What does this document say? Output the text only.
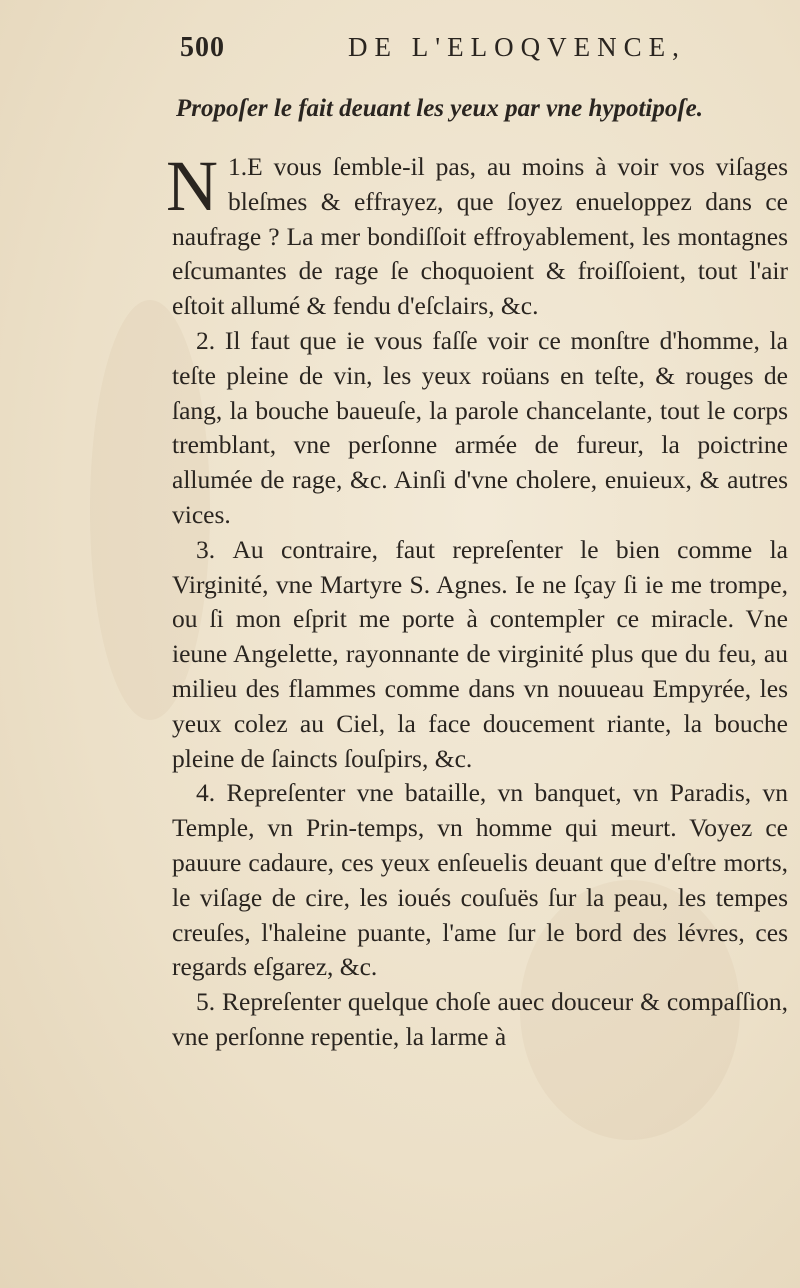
500	DE L'ELOQVENCE,
Propoſer le fait deuant les yeux par vne hypotipoſe.

1.
N E vous ſemble-il pas, au moins à voir vos viſages bleſmes & effrayez, que ſoyez enueloppez dans ce naufrage ? La mer bondiſſoit effroyablement, les montagnes eſcumantes de rage ſe choquoient & froiſſoient, tout l'air eſtoit allumé & fendu d'eſclairs, &c.

2. Il faut que ie vous faſſe voir ce monſtre d'homme, la teſte pleine de vin, les yeux roüans en teſte, & rouges de ſang, la bouche baueuſe, la parole chancelante, tout le corps tremblant, vne perſonne armée de fureur, la poictrine allumée de rage, &c. Ainſi d'vne cholere, enuieux, & autres vices.

3. Au contraire, faut repreſenter le bien comme la Virginité, vne Martyre S. Agnes. Ie ne ſçay ſi ie me trompe, ou ſi mon eſprit me porte à contempler ce miracle. Vne ieune Angelette, rayonnante de virginité plus que du feu, au milieu des flammes comme dans vn nouueau Empyrée, les yeux colez au Ciel, la face doucement riante, la bouche pleine de ſaincts ſouſpirs, &c.

4. Repreſenter vne bataille, vn banquet, vn Paradis, vn Temple, vn Prin-temps, vn homme qui meurt. Voyez ce pauure cadaure, ces yeux enſeuelis deuant que d'eſtre morts, le viſage de cire, les ioués couſuës ſur la peau, les tempes creuſes, l'haleine puante, l'ame ſur le bord des lévres, ces regards eſgarez, &c.

5. Repreſenter quelque choſe auec douceur & compaſſion, vne perſonne repentie, la larme à
